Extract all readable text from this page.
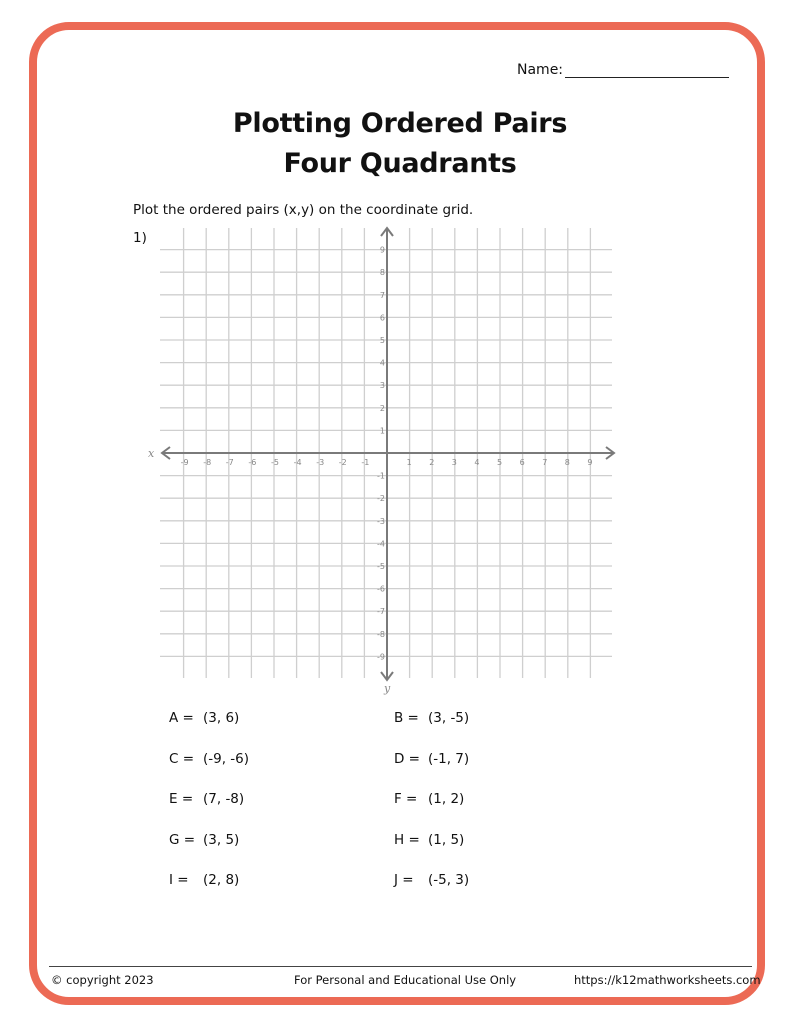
Name:
Plotting Ordered Pairs
Four Quadrants
Plot the ordered pairs (x,y) on the coordinate grid.
1)
x
y
-9 -8 -7 -6 -5 -4 -3 -2 -1	1 2 3 4 5 6 7 8 9
9
8
7
6
5
4
3
2
1
-1
-2
-3
-4
-5
-6
-7
-8
-9
A = (3, 6)	B = (3, -5)
C = (-9, -6)	D = (-1, 7)
E = (7, -8)	F = (1, 2)
G = (3, 5)	H = (1, 5)
I = (2, 8)	J = (-5, 3)
© copyright 2023	For Personal and Educational Use Only	https://k12mathworksheets.com
